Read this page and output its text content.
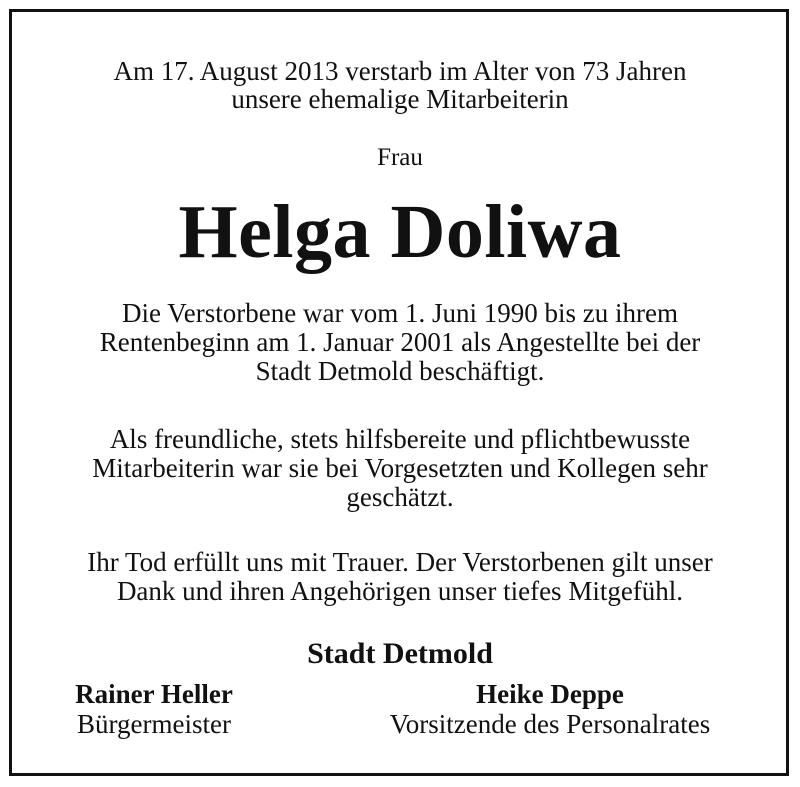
Am 17. August 2013 verstarb im Alter von 73 Jahren
unsere ehemalige Mitarbeiterin
Frau
Helga Doliwa
Die Verstorbene war vom 1. Juni 1990 bis zu ihrem
Rentenbeginn am 1. Januar 2001 als Angestellte bei der
Stadt Detmold beschäftigt.
Als freundliche, stets hilfsbereite und pflichtbewusste
Mitarbeiterin war sie bei Vorgesetzten und Kollegen sehr
geschätzt.
Ihr Tod erfüllt uns mit Trauer. Der Verstorbenen gilt unser
Dank und ihren Angehörigen unser tiefes Mitgefühl.
Stadt Detmold
Rainer Heller
Bürgermeister
Heike Deppe
Vorsitzende des Personalrates
